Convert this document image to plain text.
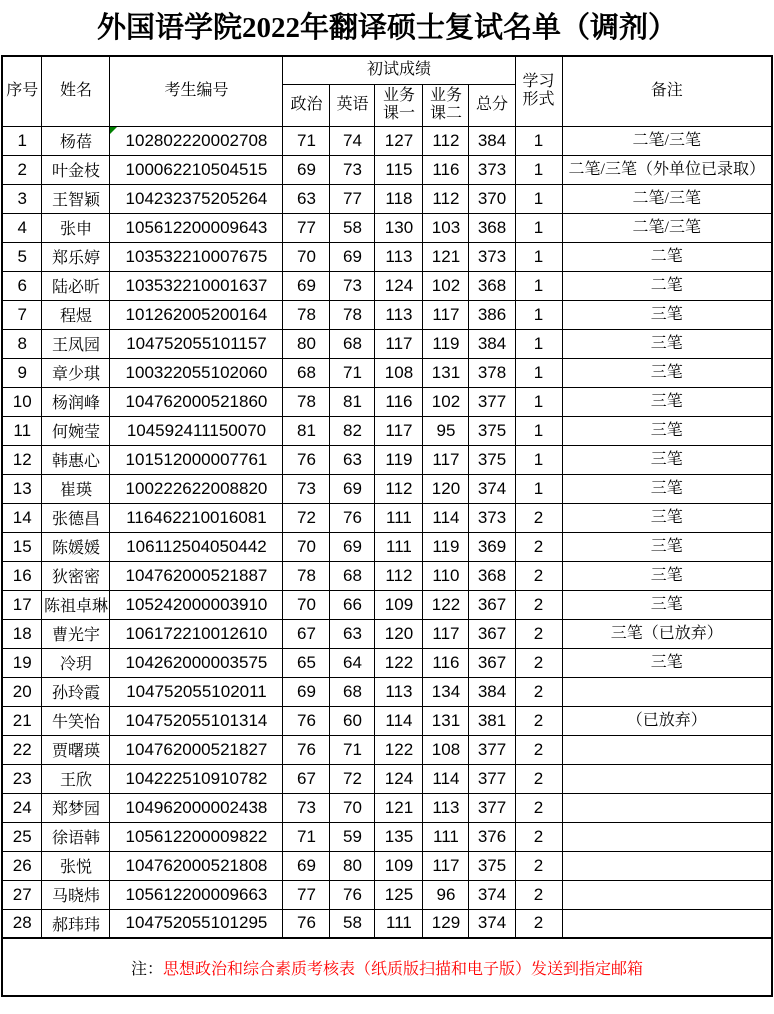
外国语学院2022年翻译硕士复试名单（调剂）
序号	姓名	考生编号	初试成绩					学习形式	备注
			政治	英语	业务课一	业务课二	总分		
1	杨蓓	102802220002708	71	74	127	112	384	1	二笔/三笔
2	叶金枝	100062210504515	69	73	115	116	373	1	二笔/三笔（外单位已录取）
3	王智颖	104232375205264	63	77	118	112	370	1	二笔/三笔
4	张申	105612200009643	77	58	130	103	368	1	二笔/三笔
5	郑乐婷	103532210007675	70	69	113	121	373	1	二笔
6	陆必昕	103532210001637	69	73	124	102	368	1	二笔
7	程煜	101262005200164	78	78	113	117	386	1	三笔
8	王凤园	104752055101157	80	68	117	119	384	1	三笔
9	章少琪	100322055102060	68	71	108	131	378	1	三笔
10	杨润峰	104762000521860	78	81	116	102	377	1	三笔
11	何婉莹	104592411150070	81	82	117	95	375	1	三笔
12	韩惠心	101512000007761	76	63	119	117	375	1	三笔
13	崔瑛	100222622008820	73	69	112	120	374	1	三笔
14	张德昌	116462210016081	72	76	111	114	373	2	三笔
15	陈媛媛	106112504050442	70	69	111	119	369	2	三笔
16	狄密密	104762000521887	78	68	112	110	368	2	三笔
17	陈祖卓琳	105242000003910	70	66	109	122	367	2	三笔
18	曹光宇	106172210012610	67	63	120	117	367	2	三笔（已放弃）
19	冷玥	104262000003575	65	64	122	116	367	2	三笔
20	孙玲霞	104752055102011	69	68	113	134	384	2	
21	牛笑怡	104752055101314	76	60	114	131	381	2	（已放弃）
22	贾曙瑛	104762000521827	76	71	122	108	377	2	
23	王欣	104222510910782	67	72	124	114	377	2	
24	郑梦园	104962000002438	73	70	121	113	377	2	
25	徐语韩	105612200009822	71	59	135	111	376	2	
26	张悦	104762000521808	69	80	109	117	375	2	
27	马晓炜	105612200009663	77	76	125	96	374	2	
28	郝玮玮	104752055101295	76	58	111	129	374	2	
注：思想政治和综合素质考核表（纸质版扫描和电子版）发送到指定邮箱									
